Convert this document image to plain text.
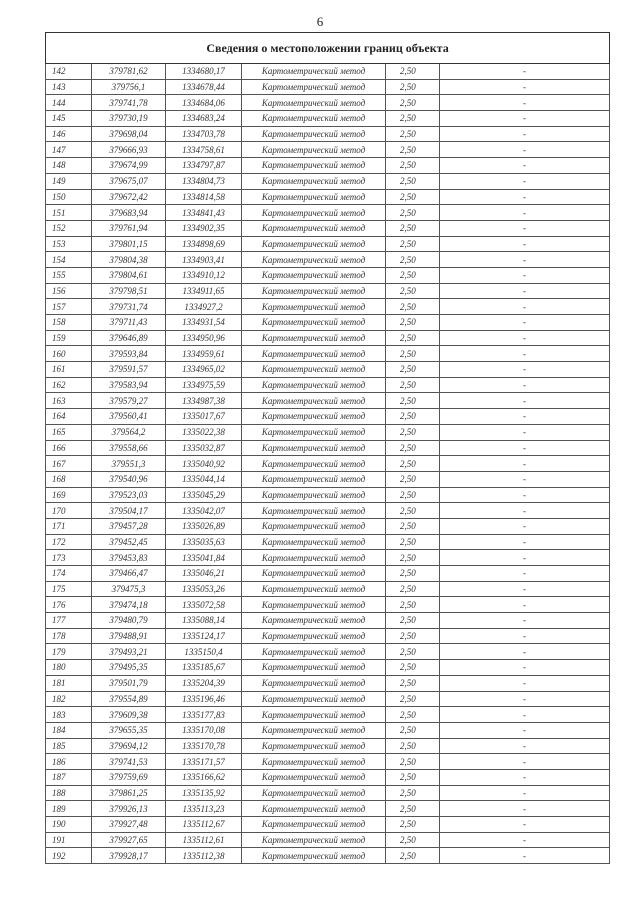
6
Сведения о местоположении границ объекта					
142	379781,62	1334680,17	Картометрический метод	2,50	-
143	379756,1	1334678,44	Картометрический метод	2,50	-
144	379741,78	1334684,06	Картометрический метод	2,50	-
145	379730,19	1334683,24	Картометрический метод	2,50	-
146	379698,04	1334703,78	Картометрический метод	2,50	-
147	379666,93	1334758,61	Картометрический метод	2,50	-
148	379674,99	1334797,87	Картометрический метод	2,50	-
149	379675,07	1334804,73	Картометрический метод	2,50	-
150	379672,42	1334814,58	Картометрический метод	2,50	-
151	379683,94	1334841,43	Картометрический метод	2,50	-
152	379761,94	1334902,35	Картометрический метод	2,50	-
153	379801,15	1334898,69	Картометрический метод	2,50	-
154	379804,38	1334903,41	Картометрический метод	2,50	-
155	379804,61	1334910,12	Картометрический метод	2,50	-
156	379798,51	1334911,65	Картометрический метод	2,50	-
157	379731,74	1334927,2	Картометрический метод	2,50	-
158	379711,43	1334931,54	Картометрический метод	2,50	-
159	379646,89	1334950,96	Картометрический метод	2,50	-
160	379593,84	1334959,61	Картометрический метод	2,50	-
161	379591,57	1334965,02	Картометрический метод	2,50	-
162	379583,94	1334975,59	Картометрический метод	2,50	-
163	379579,27	1334987,38	Картометрический метод	2,50	-
164	379560,41	1335017,67	Картометрический метод	2,50	-
165	379564,2	1335022,38	Картометрический метод	2,50	-
166	379558,66	1335032,87	Картометрический метод	2,50	-
167	379551,3	1335040,92	Картометрический метод	2,50	-
168	379540,96	1335044,14	Картометрический метод	2,50	-
169	379523,03	1335045,29	Картометрический метод	2,50	-
170	379504,17	1335042,07	Картометрический метод	2,50	-
171	379457,28	1335026,89	Картометрический метод	2,50	-
172	379452,45	1335035,63	Картометрический метод	2,50	-
173	379453,83	1335041,84	Картометрический метод	2,50	-
174	379466,47	1335046,21	Картометрический метод	2,50	-
175	379475,3	1335053,26	Картометрический метод	2,50	-
176	379474,18	1335072,58	Картометрический метод	2,50	-
177	379480,79	1335088,14	Картометрический метод	2,50	-
178	379488,91	1335124,17	Картометрический метод	2,50	-
179	379493,21	1335150,4	Картометрический метод	2,50	-
180	379495,35	1335185,67	Картометрический метод	2,50	-
181	379501,79	1335204,39	Картометрический метод	2,50	-
182	379554,89	1335196,46	Картометрический метод	2,50	-
183	379609,38	1335177,83	Картометрический метод	2,50	-
184	379655,35	1335170,08	Картометрический метод	2,50	-
185	379694,12	1335170,78	Картометрический метод	2,50	-
186	379741,53	1335171,57	Картометрический метод	2,50	-
187	379759,69	1335166,62	Картометрический метод	2,50	-
188	379861,25	1335135,92	Картометрический метод	2,50	-
189	379926,13	1335113,23	Картометрический метод	2,50	-
190	379927,48	1335112,67	Картометрический метод	2,50	-
191	379927,65	1335112,61	Картометрический метод	2,50	-
192	379928,17	1335112,38	Картометрический метод	2,50	-
